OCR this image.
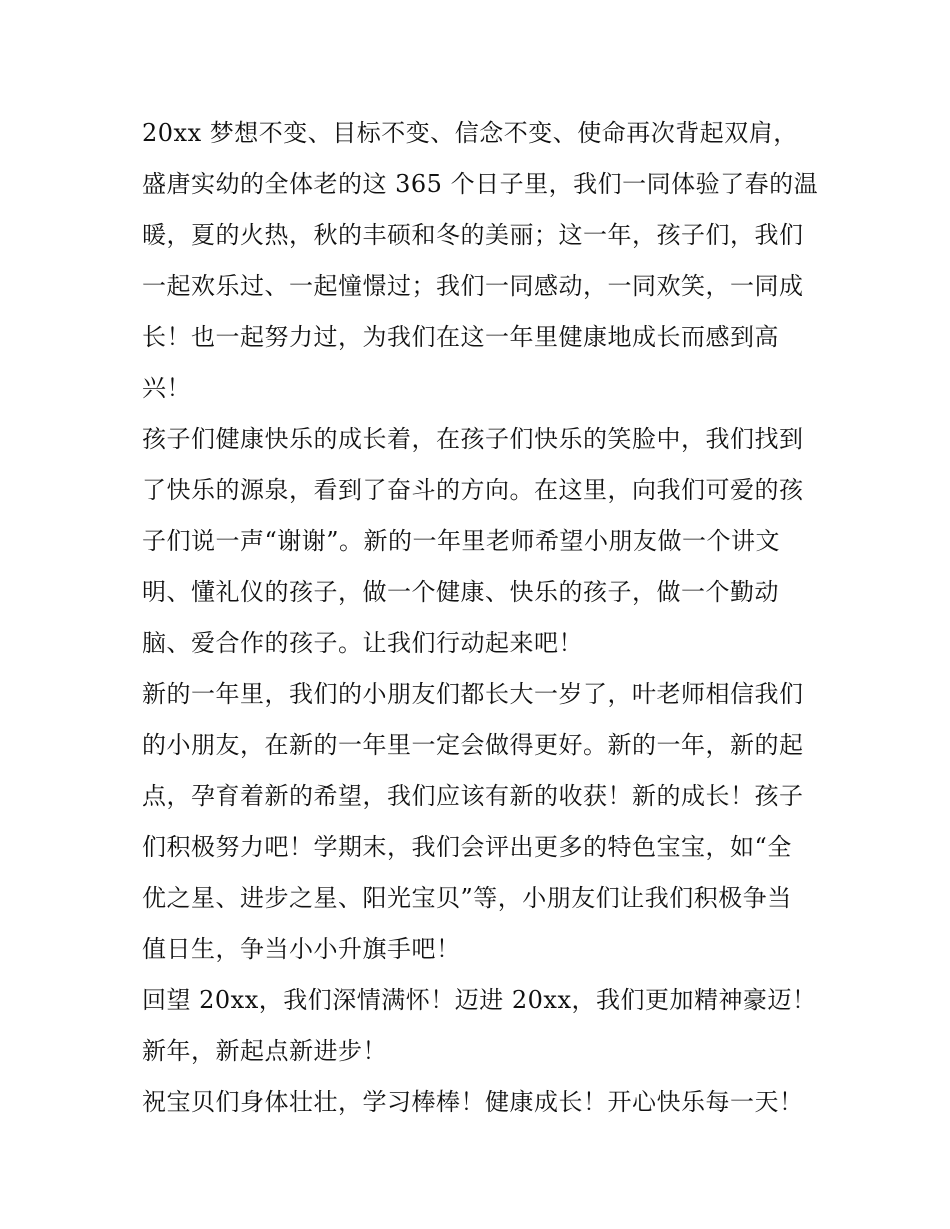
20xx 梦想不变、目标不变、信念不变、使命再次背起双肩，
盛唐实幼的全体老的这 365 个日子里，我们一同体验了春的温
暖，夏的火热，秋的丰硕和冬的美丽；这一年，孩子们，我们
一起欢乐过、一起憧憬过；我们一同感动，一同欢笑，一同成
长！也一起努力过，为我们在这一年里健康地成长而感到高
兴！
孩子们健康快乐的成长着，在孩子们快乐的笑脸中，我们找到
了快乐的源泉，看到了奋斗的方向。在这里，向我们可爱的孩
子们说一声“谢谢”。新的一年里老师希望小朋友做一个讲文
明、懂礼仪的孩子，做一个健康、快乐的孩子，做一个勤动
脑、爱合作的孩子。让我们行动起来吧！
新的一年里，我们的小朋友们都长大一岁了，叶老师相信我们
的小朋友，在新的一年里一定会做得更好。新的一年，新的起
点，孕育着新的希望，我们应该有新的收获！新的成长！孩子
们积极努力吧！学期末，我们会评出更多的特色宝宝，如“全
优之星、进步之星、阳光宝贝”等，小朋友们让我们积极争当
值日生，争当小小升旗手吧！
回望 20xx，我们深情满怀！迈进 20xx，我们更加精神豪迈！
新年，新起点新进步！
祝宝贝们身体壮壮，学习棒棒！健康成长！开心快乐每一天！
